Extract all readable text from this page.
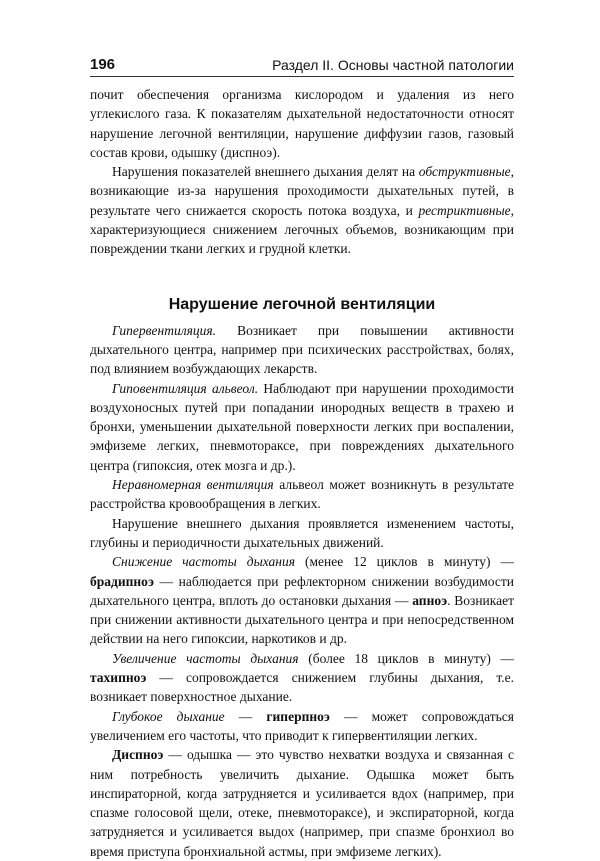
196	Раздел II. Основы частной патологии

почит обеспечения организма кислородом и удаления из него углекислого газа. К показателям дыхательной недостаточности относят нарушение легочной вентиляции, нарушение диффузии газов, газовый состав крови, одышку (диспноэ).

Нарушения показателей внешнего дыхания делят на обструктивные, возникающие из-за нарушения проходимости дыхательных путей, в результате чего снижается скорость потока воздуха, и рестриктивные, характеризующиеся снижением легочных объемов, возникающим при повреждении ткани легких и грудной клетки.

Нарушение легочной вентиляции

Гипервентиляция. Возникает при повышении активности дыхательного центра, например при психических расстройствах, болях, под влиянием возбуждающих лекарств.

Гиповентиляция альвеол. Наблюдают при нарушении проходимости воздухоносных путей при попадании инородных веществ в трахею и бронхи, уменьшении дыхательной поверхности легких при воспалении, эмфиземе легких, пневмотораксе, при повреждениях дыхательного центра (гипоксия, отек мозга и др.).

Неравномерная вентиляция альвеол может возникнуть в результате расстройства кровообращения в легких.

Нарушение внешнего дыхания проявляется изменением частоты, глубины и периодичности дыхательных движений.

Снижение частоты дыхания (менее 12 циклов в минуту) — брадипноэ — наблюдается при рефлекторном снижении возбудимости дыхательного центра, вплоть до остановки дыхания — апноэ. Возникает при снижении активности дыхательного центра и при непосредственном действии на него гипоксии, наркотиков и др.

Увеличение частоты дыхания (более 18 циклов в минуту) — тахипноэ — сопровождается снижением глубины дыхания, т.е. возникает поверхностное дыхание.

Глубокое дыхание — гиперпноэ — может сопровождаться увеличением его частоты, что приводит к гипервентиляции легких.

Диспноэ — одышка — это чувство нехватки воздуха и связанная с ним потребность увеличить дыхание. Одышка может быть инспираторной, когда затрудняется и усиливается вдох (например, при спазме голосовой щели, отеке, пневмотораксе), и экспираторной, когда затрудняется и усиливается выдох (например, при спазме бронхиол во время приступа бронхиальной астмы, при эмфиземе легких).
